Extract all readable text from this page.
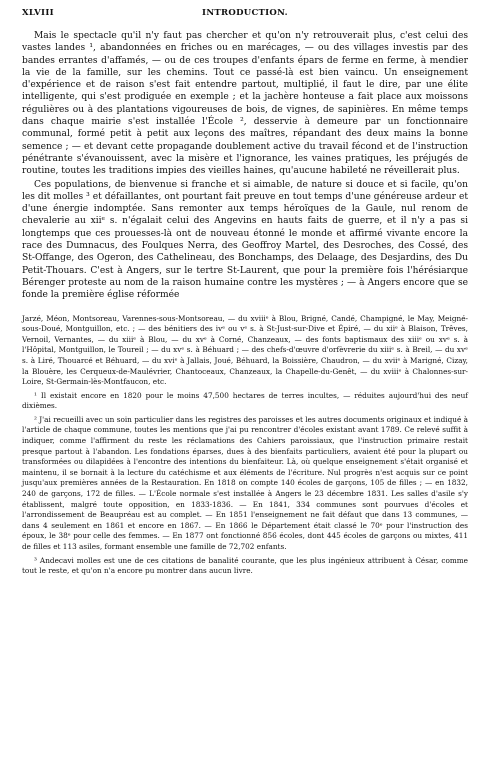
XLVIII	INTRODUCTION.

Mais le spectacle qu'il n'y faut pas chercher et qu'on n'y retrouverait plus, c'est celui des vastes landes ¹, abandonnées en friches ou en marécages, — ou des villages investis par des bandes errantes d'affamés, — ou de ces troupes d'enfants épars de ferme en ferme, à mendier la vie de la famille, sur les chemins. Tout ce passé-là est bien vaincu. Un enseignement d'expérience et de raison s'est fait entendre partout, multiplié, il faut le dire, par une élite intelligente, qui s'est prodiguée en exemple ; et la jachère honteuse a fait place aux moissons régulières ou à des plantations vigoureuses de bois, de vignes, de sapinières. En même temps dans chaque mairie s'est installée l'École ², desservie à demeure par un fonctionnaire communal, formé petit à petit aux leçons des maîtres, répandant des deux mains la bonne semence ; — et devant cette propagande doublement active du travail fécond et de l'instruction pénétrante s'évanouissent, avec la misère et l'ignorance, les vaines pratiques, les préjugés de routine, toutes les traditions impies des vieilles haines, qu'aucune habileté ne réveillerait plus.

Ces populations, de bienvenue si franche et si aimable, de nature si douce et si facile, qu'on les dit molles ³ et défaillantes, ont pourtant fait preuve en tout temps d'une généreuse ardeur et d'une énergie indomptée. Sans remonter aux temps héroïques de la Gaule, nul renom de chevalerie au xiiᵉ s. n'égalait celui des Angevins en hauts faits de guerre, et il n'y a pas si longtemps que ces prouesses-là ont de nouveau étonné le monde et affirmé vivante encore la race des Dumnacus, des Foulques Nerra, des Geoffroy Martel, des Desroches, des Cossé, des St-Offange, des Ogeron, des Cathelineau, des Bonchamps, des Delaage, des Desjardins, des Du Petit-Thouars. C'est à Angers, sur le tertre St-Laurent, que pour la première fois l'hérésiarque Bérenger proteste au nom de la raison humaine contre les mystères ; — à Angers encore que se fonde la première église réformée

Jarzé, Méon, Montsoreau, Varennes-sous-Montsoreau, — du xviiiᵉ à Blou, Brigné, Candé, Champigné, le May, Meigné-sous-Doué, Montguillon, etc. ; — des bénitiers des ivᵉ ou vᵉ s. à St-Just-sur-Dive et Épiré, — du xiiᵉ à Blaison, Trêves, Vernoil, Vernantes, — du xiiiᵉ à Blou, — du xvᵉ à Corné, Chanzeaux, — des fonts baptismaux des xiiiᵉ ou xvᵉ s. à l'Hôpital, Montguillon, le Toureil ; — du xvᵉ s. à Béhuard ; — des chefs-d'œuvre d'orfèvrerie du xiiiᵉ s. à Breil, — du xvᵉ s. à Liré, Thouarcé et Béhuard, — du xviᵉ à Jallais, Joué, Béhuard, la Boissière, Chaudron, — du xviiᵉ à Marigné, Cizay, la Blouère, les Cerqueux-de-Maulévrier, Chantoceaux, Chanzeaux, la Chapelle-du-Genêt, — du xviiiᵉ à Chalonnes-sur-Loire, St-Germain-lès-Montfaucon, etc.

¹ Il existait encore en 1820 pour le moins 47,500 hectares de terres incultes, — réduites aujourd'hui des neuf dixièmes.

² J'ai recueilli avec un soin particulier dans les registres des paroisses et les autres documents originaux et indiqué à l'article de chaque commune, toutes les mentions que j'ai pu rencontrer d'écoles existant avant 1789. Ce relevé suffit à indiquer, comme l'affirment du reste les réclamations des Cahiers paroissiaux, que l'instruction primaire restait presque partout à l'abandon. Les fondations éparses, dues à des bienfaits particuliers, avaient été pour la plupart ou transformées ou dilapidées à l'encontre des intentions du bienfaiteur. Là, où quelque enseignement s'était organisé et maintenu, il se bornait à la lecture du catéchisme et aux éléments de l'écriture. Nul progrès n'est acquis sur ce point jusqu'aux premières années de la Restauration. En 1818 on compte 140 écoles de garçons, 105 de filles ; — en 1832, 240 de garçons, 172 de filles. — L'École normale s'est installée à Angers le 23 décembre 1831. Les salles d'asile s'y établissent, malgré toute opposition, en 1833-1836. — En 1841, 334 communes sont pourvues d'écoles et l'arrondissement de Beaupréau est au complet. — En 1851 l'enseignement ne fait défaut que dans 13 communes, — dans 4 seulement en 1861 et encore en 1867. — En 1866 le Département était classé le 70ᵉ pour l'instruction des époux, le 38ᵉ pour celle des femmes. — En 1877 ont fonctionné 856 écoles, dont 445 écoles de garçons ou mixtes, 411 de filles et 113 asiles, formant ensemble une famille de 72,702 enfants.

³ Andecavi molles est une de ces citations de banalité courante, que les plus ingénieux attribuent à César, comme tout le reste, et qu'on n'a encore pu montrer dans aucun livre.
